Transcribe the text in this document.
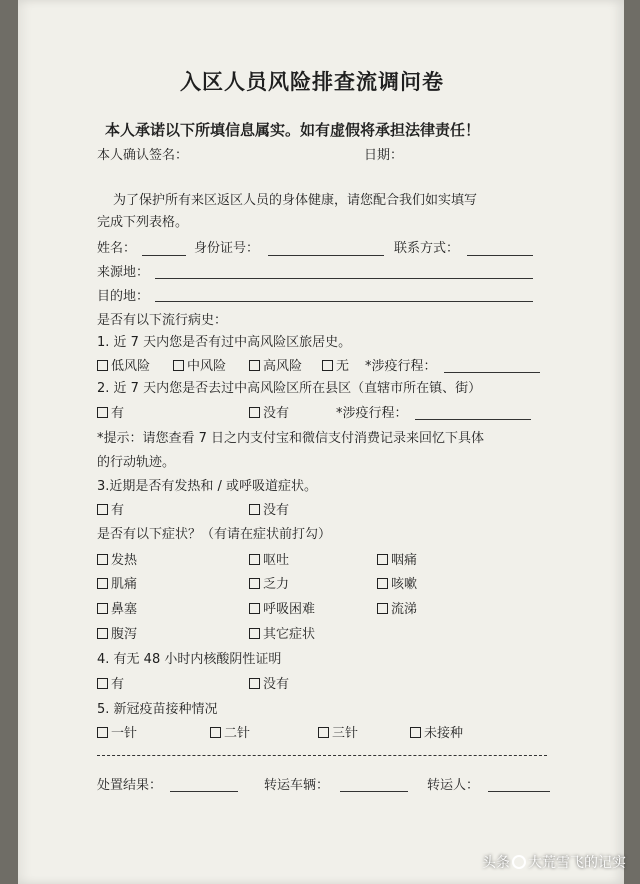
入区人员风险排查流调问卷
本人承诺以下所填信息属实。如有虚假将承担法律责任！
本人确认签名：	日期：
为了保护所有来区返区人员的身体健康，请您配合我们如实填写
完成下列表格。
姓名：	身份证号：	联系方式：
来源地：
目的地：
是否有以下流行病史：
1. 近 7 天内您是否有过中高风险区旅居史。
低风险	中风险	高风险	无 *涉疫行程：
2. 近 7 天内您是否去过中高风险区所在县区（直辖市所在镇、街）
有	没有	*涉疫行程：
*提示：请您查看 7 日之内支付宝和微信支付消费记录来回忆下具体
的行动轨迹。
3.近期是否有发热和 / 或呼吸道症状。
有	没有
是否有以下症状？（有请在症状前打勾）
发热	呕吐	咽痛
肌痛	乏力	咳嗽
鼻塞	呼吸困难	流涕
腹泻	其它症状
4. 有无 48 小时内核酸阴性证明
有	没有
5. 新冠疫苗接种情况
一针	二针	三针	未接种
处置结果：	转运车辆：	转运人：
头条 大荒雪飞的记实
